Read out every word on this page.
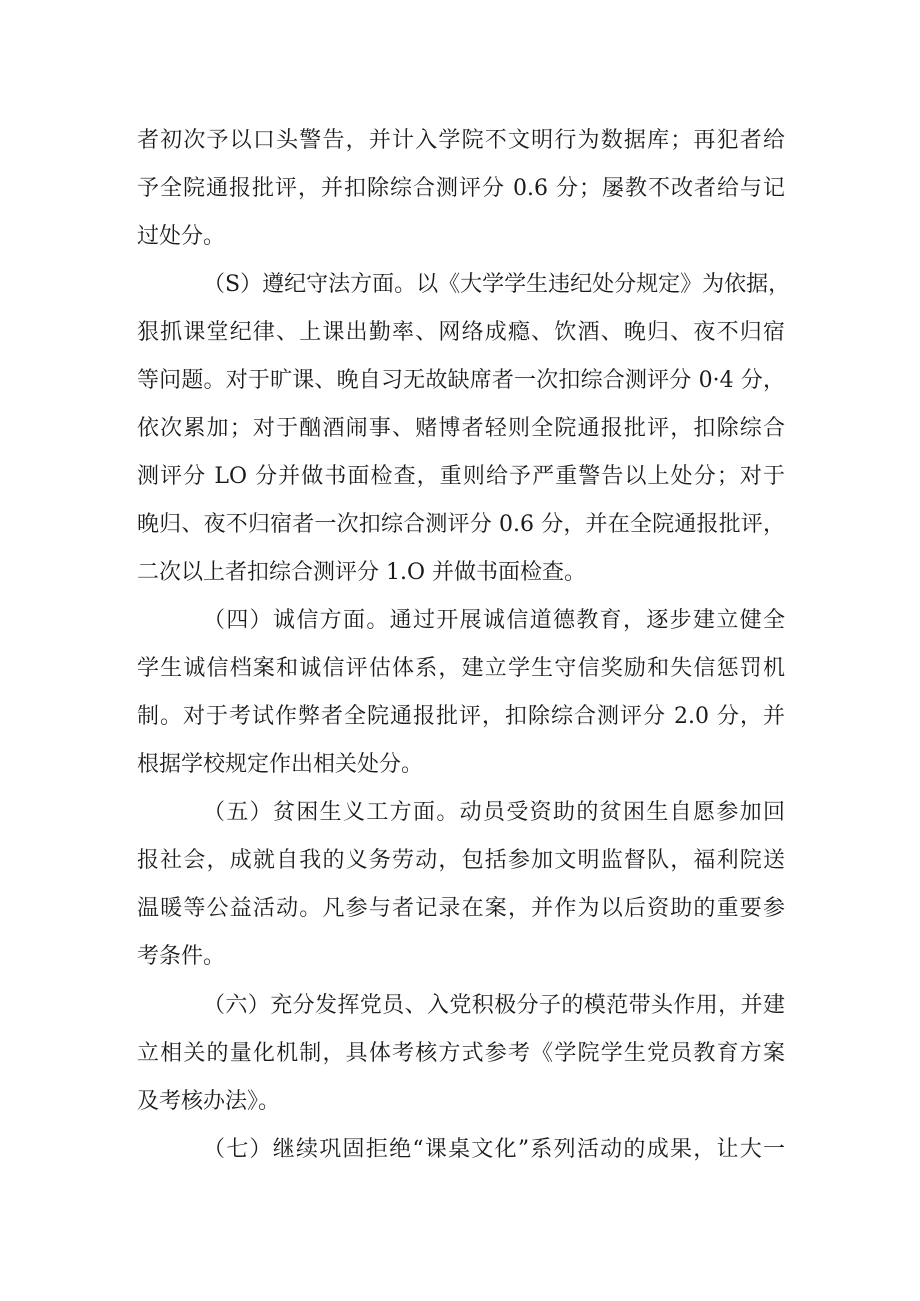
者初次予以口头警告，并计入学院不文明行为数据库；再犯者给
予全院通报批评，并扣除综合测评分 0.6 分；屡教不改者给与记
过处分。
（S）遵纪守法方面。以《大学学生违纪处分规定》为依据，
狠抓课堂纪律、上课出勤率、网络成瘾、饮酒、晚归、夜不归宿
等问题。对于旷课、晚自习无故缺席者一次扣综合测评分 0·4 分，
依次累加；对于酗酒闹事、赌博者轻则全院通报批评，扣除综合
测评分 LO 分并做书面检查，重则给予严重警告以上处分；对于
晚归、夜不归宿者一次扣综合测评分 0.6 分，并在全院通报批评，
二次以上者扣综合测评分 1.O 并做书面检查。
（四）诚信方面。通过开展诚信道德教育，逐步建立健全
学生诚信档案和诚信评估体系，建立学生守信奖励和失信惩罚机
制。对于考试作弊者全院通报批评，扣除综合测评分 2.0 分，并
根据学校规定作出相关处分。
（五）贫困生义工方面。动员受资助的贫困生自愿参加回
报社会，成就自我的义务劳动，包括参加文明监督队，福利院送
温暖等公益活动。凡参与者记录在案，并作为以后资助的重要参
考条件。
（六）充分发挥党员、入党积极分子的模范带头作用，并建
立相关的量化机制，具体考核方式参考《学院学生党员教育方案
及考核办法》。
（七）继续巩固拒绝“课桌文化”系列活动的成果，让大一
